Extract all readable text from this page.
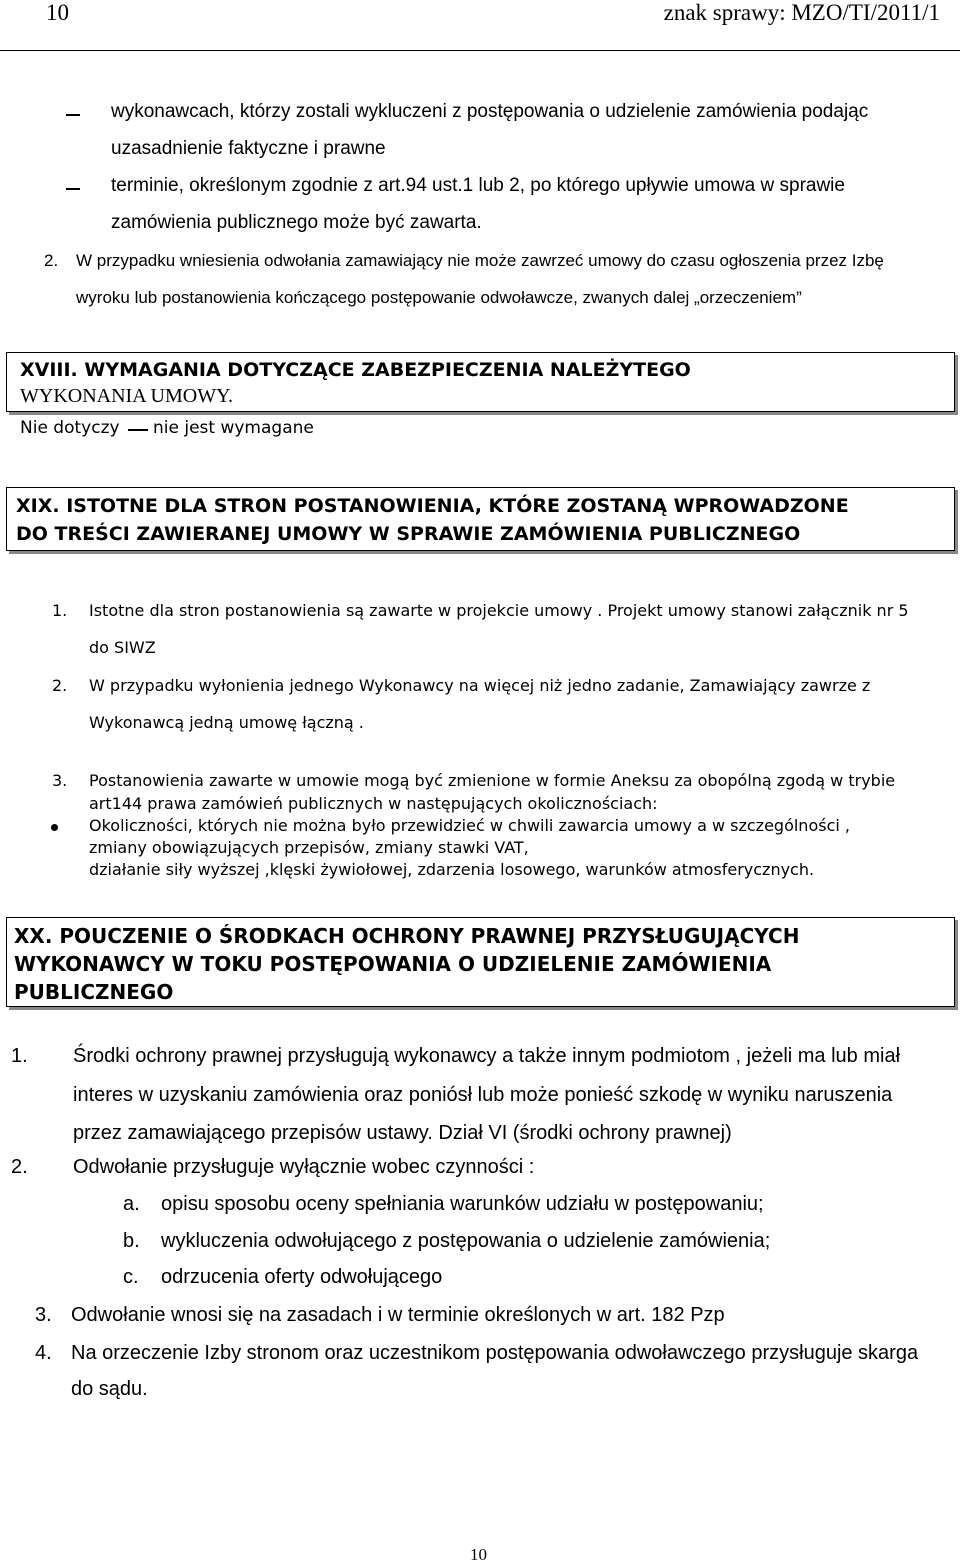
10	znak sprawy: MZO/TI/2011/1
wykonawcach, którzy zostali wykluczeni z postępowania o udzielenie zamówienia podając
uzasadnienie faktyczne i prawne
terminie, określonym zgodnie z art.94 ust.1 lub 2, po którego upływie umowa w sprawie
zamówienia publicznego może być zawarta.
2. W przypadku wniesienia odwołania zamawiający nie może zawrzeć umowy do czasu ogłoszenia przez Izbę
wyroku lub postanowienia kończącego postępowanie odwoławcze, zwanych dalej „orzeczeniem”
XVIII. WYMAGANIA DOTYCZĄCE ZABEZPIECZENIA NALEŻYTEGO
WYKONANIA UMOWY.
Nie dotyczy nie jest wymagane
XIX. ISTOTNE DLA STRON POSTANOWIENIA, KTÓRE ZOSTANĄ WPROWADZONE
DO TREŚCI ZAWIERANEJ UMOWY W SPRAWIE ZAMÓWIENIA PUBLICZNEGO
1. Istotne dla stron postanowienia są zawarte w projekcie umowy . Projekt umowy stanowi załącznik nr 5
do SIWZ
2. W przypadku wyłonienia jednego Wykonawcy na więcej niż jedno zadanie, Zamawiający zawrze z
Wykonawcą jedną umowę łączną .
3. Postanowienia zawarte w umowie mogą być zmienione w formie Aneksu za obopólną zgodą w trybie
art144 prawa zamówień publicznych w następujących okolicznościach:
Okoliczności, których nie można było przewidzieć w chwili zawarcia umowy a w szczególności ,
zmiany obowiązujących przepisów, zmiany stawki VAT,
działanie siły wyższej ,klęski żywiołowej, zdarzenia losowego, warunków atmosferycznych.
XX. POUCZENIE O ŚRODKACH OCHRONY PRAWNEJ PRZYSŁUGUJĄCYCH
WYKONAWCY W TOKU POSTĘPOWANIA O UDZIELENIE ZAMÓWIENIA
PUBLICZNEGO
1. Środki ochrony prawnej przysługują wykonawcy a także innym podmiotom , jeżeli ma lub miał
interes w uzyskaniu zamówienia oraz poniósł lub może ponieść szkodę w wyniku naruszenia
przez zamawiającego przepisów ustawy. Dział VI (środki ochrony prawnej)
2. Odwołanie przysługuje wyłącznie wobec czynności :
a. opisu sposobu oceny spełniania warunków udziału w postępowaniu;
b. wykluczenia odwołującego z postępowania o udzielenie zamówienia;
c. odrzucenia oferty odwołującego
3. Odwołanie wnosi się na zasadach i w terminie określonych w art. 182 Pzp
4. Na orzeczenie Izby stronom oraz uczestnikom postępowania odwoławczego przysługuje skarga
do sądu.
10
